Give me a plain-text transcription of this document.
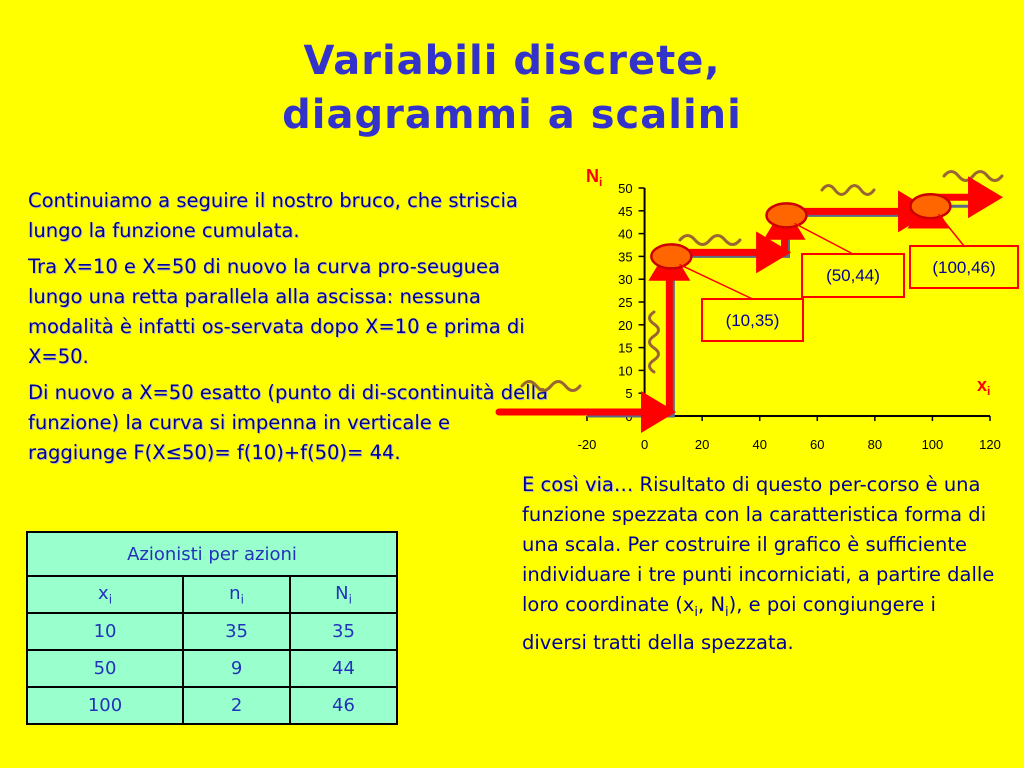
Variabili discrete,
diagrammi a scalini

Continuiamo a seguire il nostro bruco, che striscia lungo la funzione cumulata.

Tra X=10 e X=50 di nuovo la curva pro-seuguea lungo una retta parallela alla ascissa: nessuna modalità è infatti os-servata dopo X=10 e prima di X=50.

Di nuovo a X=50 esatto (punto di di-scontinuità della funzione) la curva si impenna in verticale e raggiunge F(X≤50)= f(10)+f(50)= 44.

Azionisti per azioni		
$x_i$	$n_i$	$N_i$
10	35	35
50	9	44
100	2	46
E così via… Risultato di questo per-corso è una funzione spezzata con la caratteristica forma di una scala. Per costruire il grafico è sufficiente individuare i tre punti incorniciati, a partire dalle loro coordinate ($x_i$, $N_i$), e poi congiungere i diversi tratti della spezzata.
0
5
10
15
20
25
30
35
40
45
50
-20	0	20	40	60	80	100	120
$N_i$
$x_i$
(10,35)
(50,44)	(100,46)
